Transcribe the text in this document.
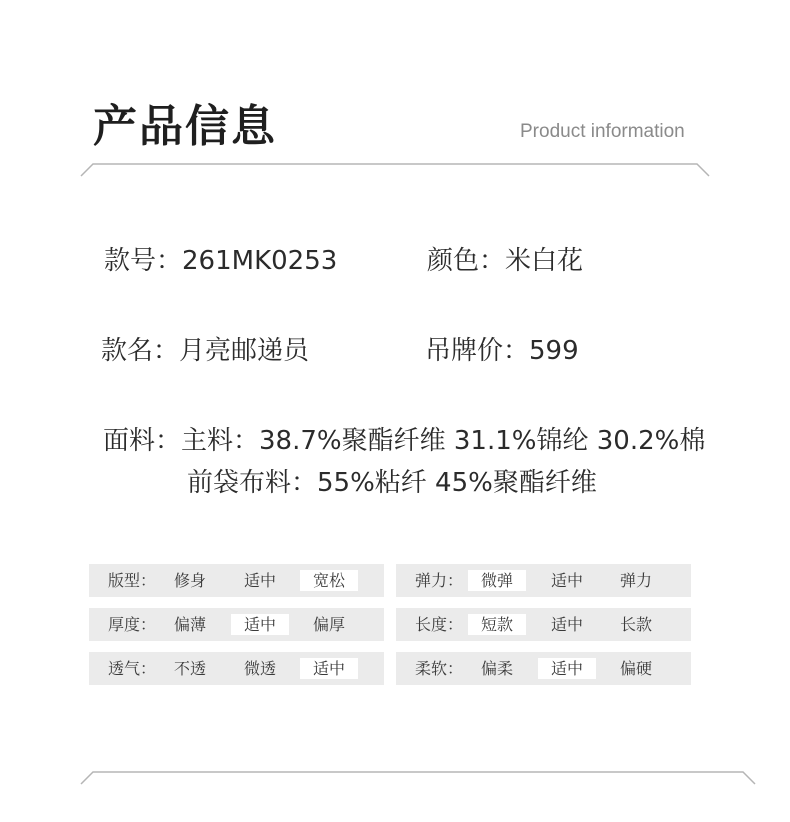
产品信息	Product information
款号：261MK0253	颜色：米白花
款名：月亮邮递员	吊牌价：599
面料：主料：38.7%聚酯纤维 31.1%锦纶 30.2%棉
前袋布料：55%粘纤 45%聚酯纤维
版型：	修身	适中	宽松	弹力：	微弹	适中	弹力
厚度：	偏薄	适中	偏厚	长度：	短款	适中	长款
透气：	不透	微透	适中	柔软：	偏柔	适中	偏硬
